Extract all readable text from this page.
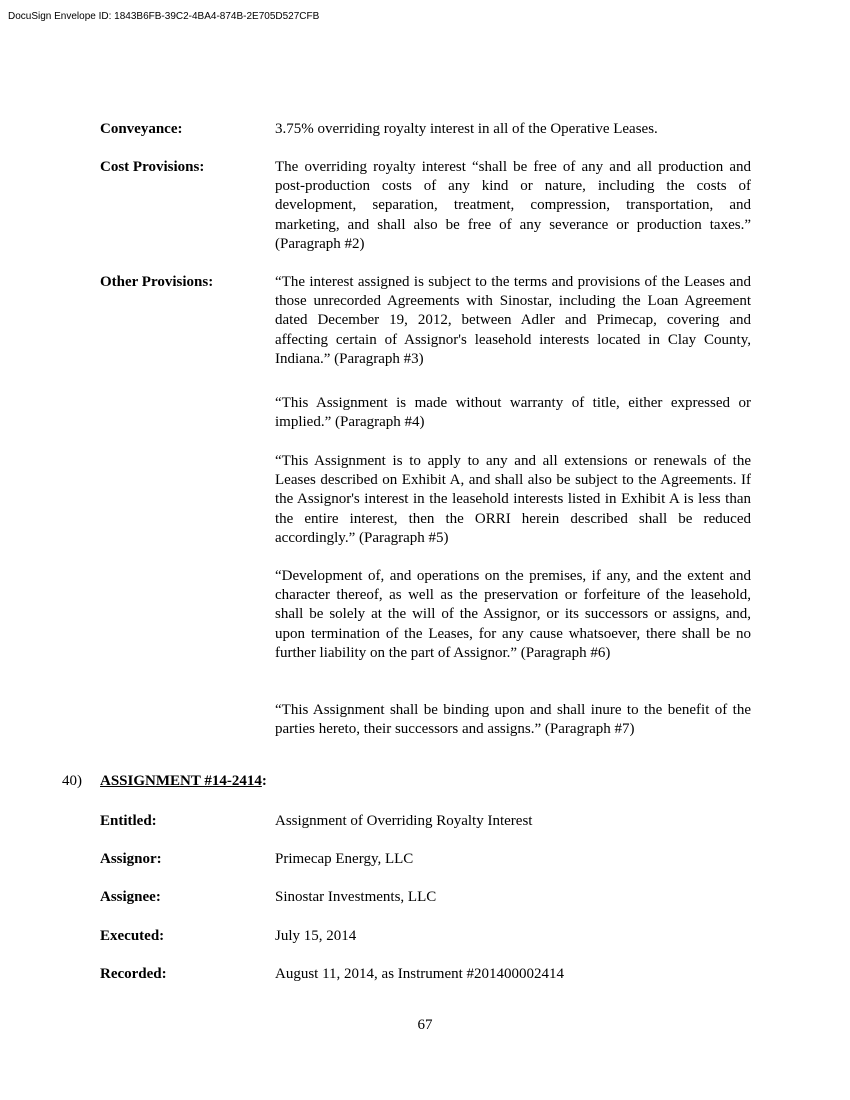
DocuSign Envelope ID: 1843B6FB-39C2-4BA4-874B-2E705D527CFB
Conveyance:	3.75% overriding royalty interest in all of the Operative Leases.
Cost Provisions:	The overriding royalty interest “shall be free of any and all production and post-production costs of any kind or nature, including the costs of development, separation, treatment, compression, transportation, and marketing, and shall also be free of any severance or production taxes.” (Paragraph #2)
Other Provisions:	“The interest assigned is subject to the terms and provisions of the Leases and those unrecorded Agreements with Sinostar, including the Loan Agreement dated December 19, 2012, between Adler and Primecap, covering and affecting certain of Assignor's leasehold interests located in Clay County, Indiana.” (Paragraph #3)
“This Assignment is made without warranty of title, either expressed or implied.” (Paragraph #4)
“This Assignment is to apply to any and all extensions or renewals of the Leases described on Exhibit A, and shall also be subject to the Agreements. If the Assignor's interest in the leasehold interests listed in Exhibit A is less than the entire interest, then the ORRI herein described shall be reduced accordingly.” (Paragraph #5)
“Development of, and operations on the premises, if any, and the extent and character thereof, as well as the preservation or forfeiture of the leasehold, shall be solely at the will of the Assignor, or its successors or assigns, and, upon termination of the Leases, for any cause whatsoever, there shall be no further liability on the part of Assignor.” (Paragraph #6)
“This Assignment shall be binding upon and shall inure to the benefit of the parties hereto, their successors and assigns.” (Paragraph #7)
40) ASSIGNMENT #14-2414:
Entitled:	Assignment of Overriding Royalty Interest
Assignor:	Primecap Energy, LLC
Assignee:	Sinostar Investments, LLC
Executed:	July 15, 2014
Recorded:	August 11, 2014, as Instrument #201400002414
67
